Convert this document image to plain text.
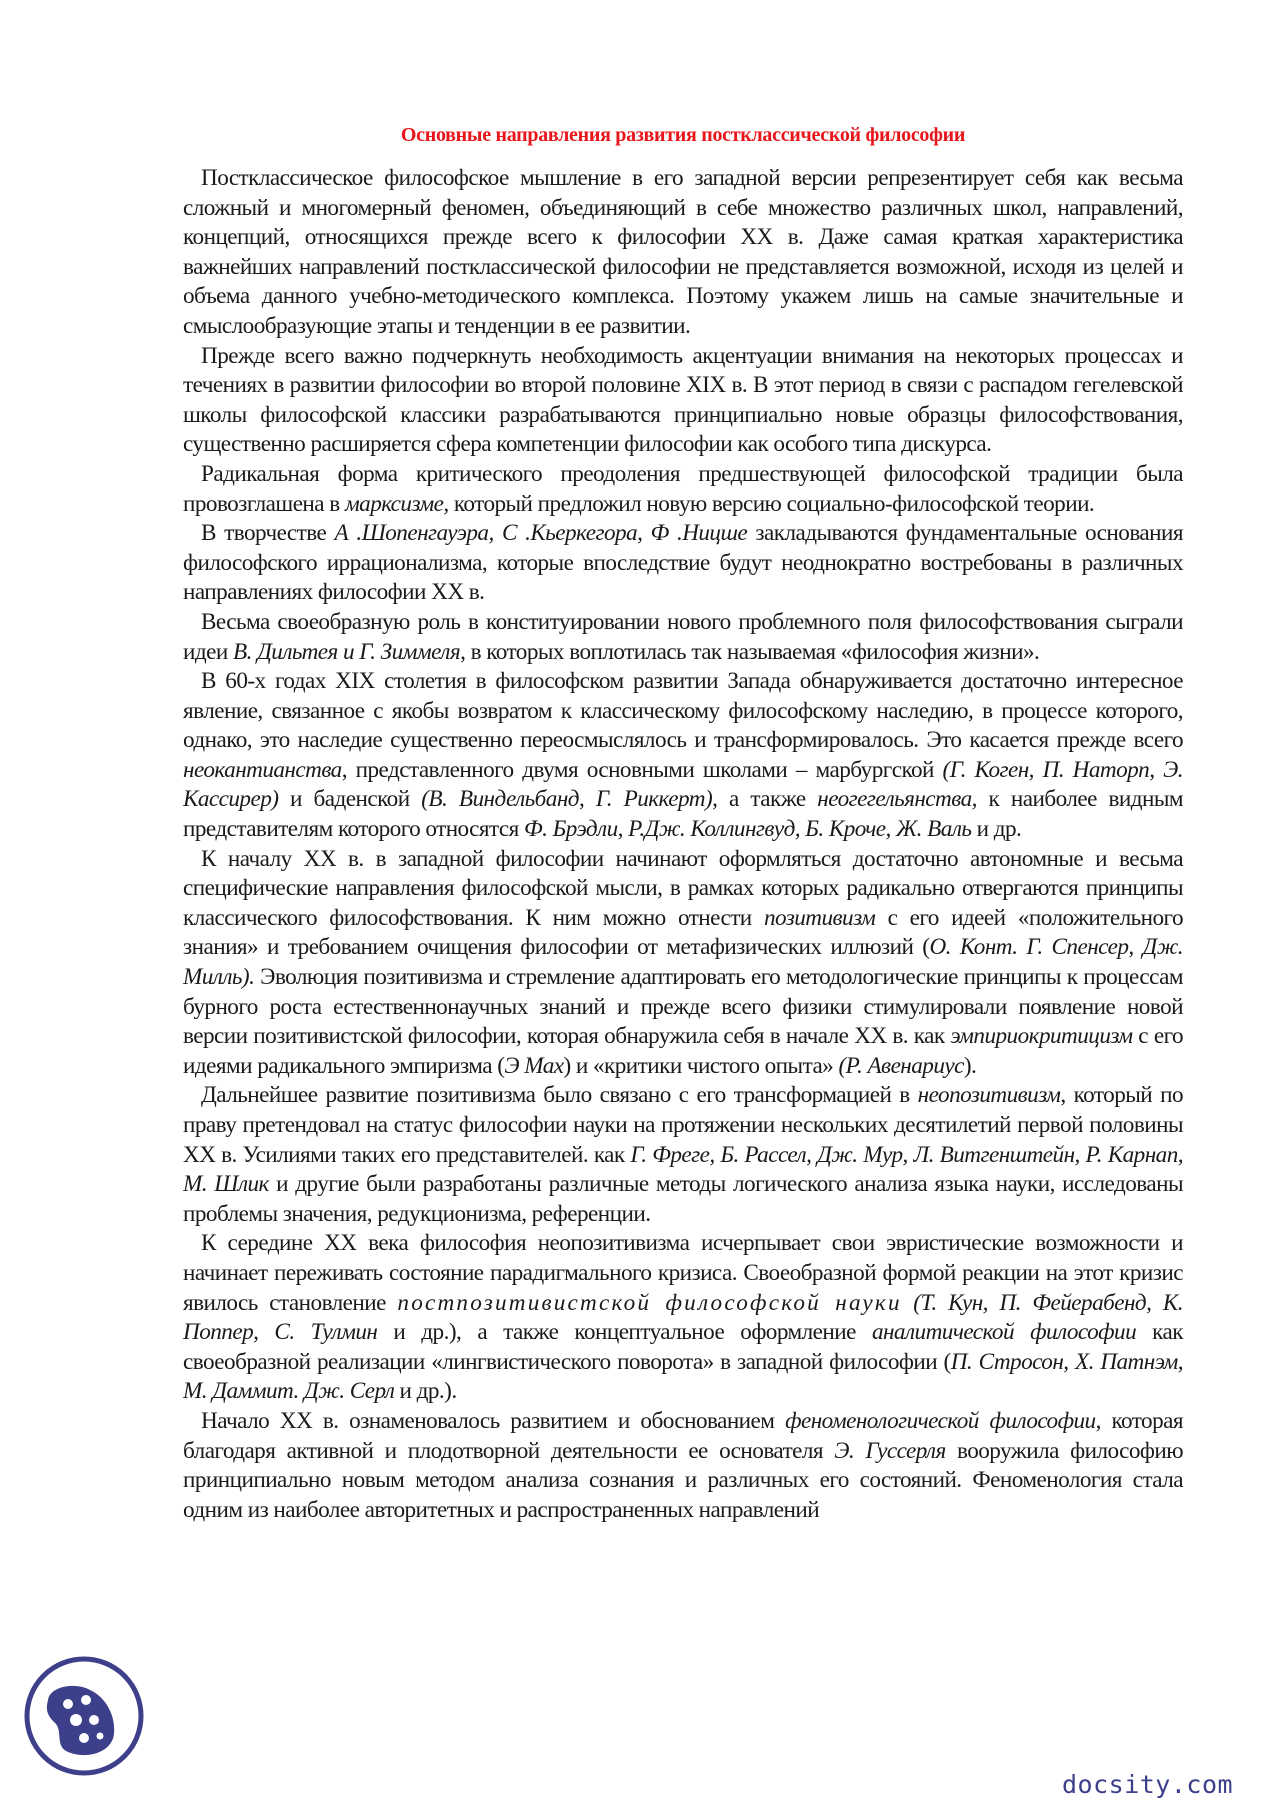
Основные направления развития постклассической философии

Постклассическое философское мышление в его западной версии репрезентирует себя как весьма сложный и многомерный феномен, объединяющий в себе множество различных школ, направлений, концепций, относящихся прежде всего к философии ХХ в. Даже самая краткая характеристика важнейших направлений постклассической философии не представляется возможной, исходя из целей и объема данного учебно-методического комплекса. Поэтому укажем лишь на самые значительные и смыслообразующие этапы и тенденции в ее развитии.

Прежде всего важно подчеркнуть необходимость акцентуации внимания на некоторых процессах и течениях в развитии философии во второй половине XIX в. В этот период в связи с распадом гегелевской школы философской классики разрабатываются принципиально новые образцы философствования, существенно расширяется сфера компетенции философии как особого типа дискурса.

Радикальная форма критического преодоления предшествующей философской традиции была провозглашена в марксизме, который предложил новую версию социально-философской теории.

В творчестве А .Шопенгауэра, С .Кьеркегора, Ф .Ницше закладываются фундаментальные основания философского иррационализма, которые впоследствие будут неоднократно востребованы в различных направлениях философии ХХ в.

Весьма своеобразную роль в конституировании нового проблемного поля философствования сыграли идеи В. Дильтея и Г. Зиммеля, в которых воплотилась так называемая «философия жизни».

В 60-х годах XIX столетия в философском развитии Запада обнаруживается достаточно интересное явление, связанное с якобы возвратом к классическому философскому наследию, в процессе которого, однако, это наследие существенно переосмыслялось и трансформировалось. Это касается прежде всего неокантианства, представленного двумя основными школами – марбургской (Г. Коген, П. Наторп, Э. Кассирер) и баденской (В. Виндельбанд, Г. Риккерт), а также неогегельянства, к наиболее видным представителям которого относятся Ф. Брэдли, Р.Дж. Коллингвуд, Б. Кроче, Ж. Валь и др.

К началу ХХ в. в западной философии начинают оформляться достаточно автономные и весьма специфические направления философской мысли, в рамках которых радикально отвергаются принципы классического философствования. К ним можно отнести позитивизм с его идеей «положительного знания» и требованием очищения философии от метафизических иллюзий (О. Конт. Г. Спенсер, Дж. Милль). Эволюция позитивизма и стремление адаптировать его методологические принципы к процессам бурного роста естественнонаучных знаний и прежде всего физики стимулировали появление новой версии позитивистской философии, которая обнаружила себя в начале ХХ в. как эмпириокритицизм с его идеями радикального эмпиризма (Э Мах) и «критики чистого опыта» (Р. Авенариус).

Дальнейшее развитие позитивизма было связано с его трансформацией в неопозитивизм, который по праву претендовал на статус философии науки на протяжении нескольких десятилетий первой половины ХХ в. Усилиями таких его представителей. как Г. Фреге, Б. Рассел, Дж. Мур, Л. Витгенштейн, Р. Карнап, М. Шлик и другие были разработаны различные методы логического анализа языка науки, исследованы проблемы значения, редукционизма, референции.

К середине ХХ века философия неопозитивизма исчерпывает свои эвристические возможности и начинает переживать состояние парадигмального кризиса. Своеобразной формой реакции на этот кризис явилось становление постпозитивистской философской науки (Т. Кун, П. Фейерабенд, К. Поппер, С. Тулмин и др.), а также концептуальное оформление аналитической философии как своеобразной реализации «лингвистического поворота» в западной философии (П. Стросон, Х. Патнэм, М. Даммит. Дж. Серл и др.).

Начало ХХ в. ознаменовалось развитием и обоснованием феноменологической философии, которая благодаря активной и плодотворной деятельности ее основателя Э. Гуссерля вооружила философию принципиально новым методом анализа сознания и различных его состояний. Феноменология стала одним из наиболее авторитетных и распространенных направлений

docsity.com
